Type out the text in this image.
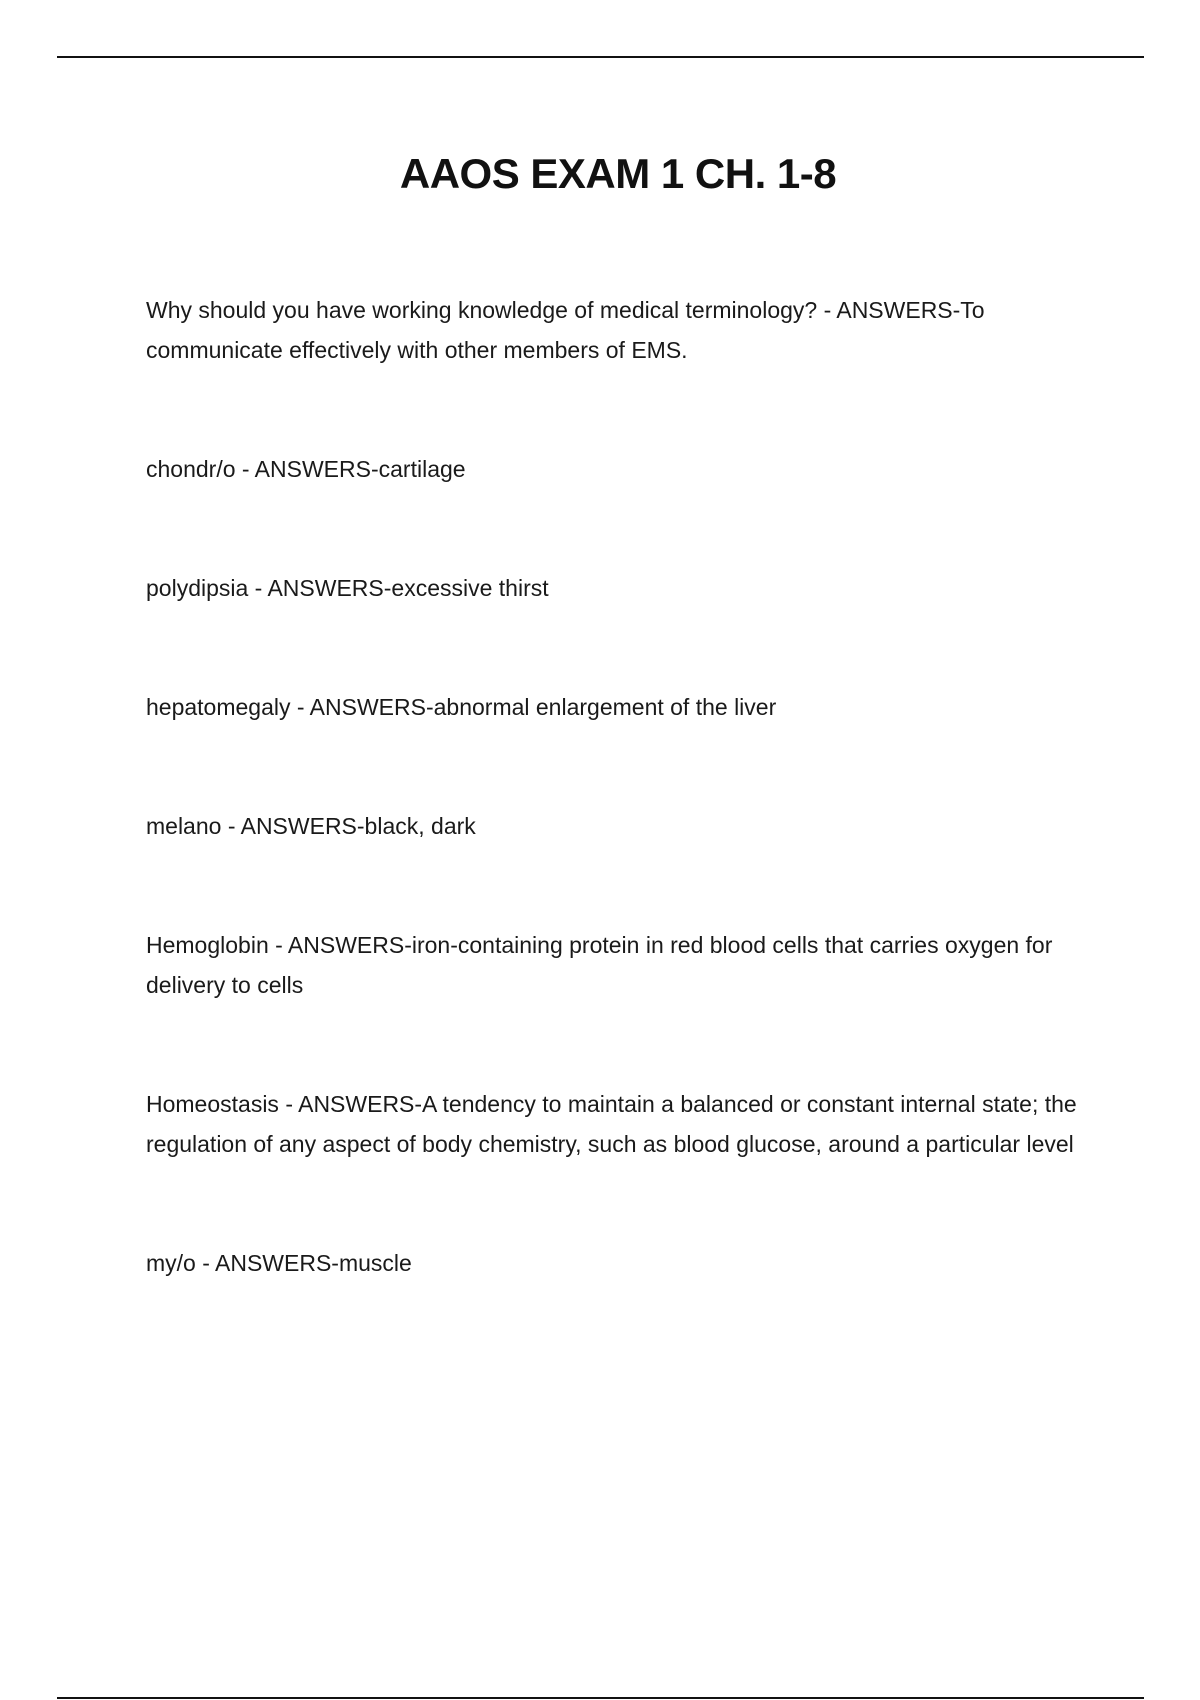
AAOS EXAM 1 CH. 1-8
Why should you have working knowledge of medical terminology? - ANSWERS-To communicate effectively with other members of EMS.
chondr/o - ANSWERS-cartilage
polydipsia - ANSWERS-excessive thirst
hepatomegaly - ANSWERS-abnormal enlargement of the liver
melano - ANSWERS-black, dark
Hemoglobin - ANSWERS-iron-containing protein in red blood cells that carries oxygen for delivery to cells
Homeostasis - ANSWERS-A tendency to maintain a balanced or constant internal state; the regulation of any aspect of body chemistry, such as blood glucose, around a particular level
my/o - ANSWERS-muscle
